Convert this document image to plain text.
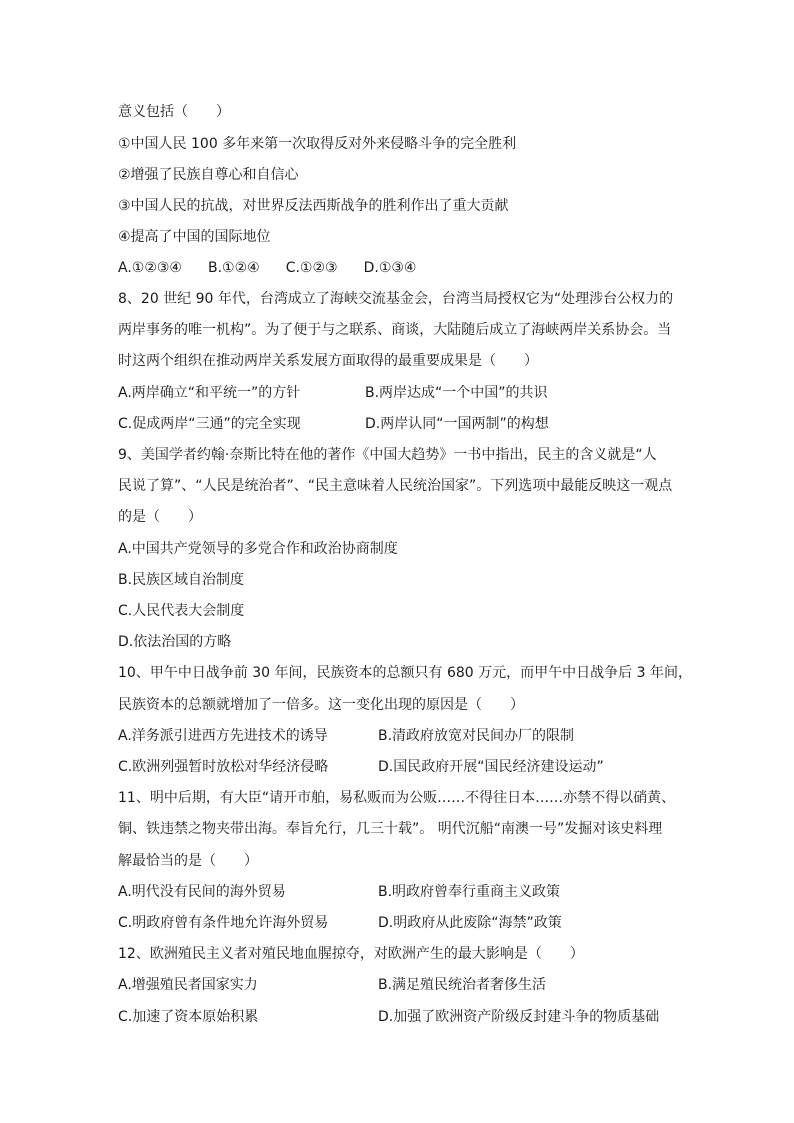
意义包括（　　）
①中国人民 100 多年来第一次取得反对外来侵略斗争的完全胜利
②增强了民族自尊心和自信心
③中国人民的抗战，对世界反法西斯战争的胜利作出了重大贡献
④提高了中国的国际地位
A.①②③④ B.①②④ C.①②③ D.①③④
8、20 世纪 90 年代，台湾成立了海峡交流基金会，台湾当局授权它为“处理涉台公权力的
两岸事务的唯一机构”。为了便于与之联系、商谈，大陆随后成立了海峡两岸关系协会。当
时这两个组织在推动两岸关系发展方面取得的最重要成果是（　　）
A.两岸确立“和平统一”的方针	B.两岸达成“一个中国”的共识
C.促成两岸“三通”的完全实现	D.两岸认同“一国两制”的构想
9、美国学者约翰·奈斯比特在他的著作《中国大趋势》一书中指出，民主的含义就是“人
民说了算”、“人民是统治者”、“民主意味着人民统治国家”。下列选项中最能反映这一观点
的是（　　）
A.中国共产党领导的多党合作和政治协商制度
B.民族区域自治制度
C.人民代表大会制度
D.依法治国的方略
10、甲午中日战争前 30 年间，民族资本的总额只有 680 万元，而甲午中日战争后 3 年间，
民族资本的总额就增加了一倍多。这一变化出现的原因是（　　）
A.洋务派引进西方先进技术的诱导	B.清政府放宽对民间办厂的限制
C.欧洲列强暂时放松对华经济侵略	D.国民政府开展“国民经济建设运动”
11、明中后期，有大臣“请开市舶，易私贩而为公贩……不得往日本……亦禁不得以硝黄、
铜、铁违禁之物夹带出海。奉旨允行，几三十载”。 明代沉船“南澳一号”发掘对该史料理
解最恰当的是（　　）
A.明代没有民间的海外贸易	B.明政府曾奉行重商主义政策
C.明政府曾有条件地允许海外贸易	D.明政府从此废除“海禁”政策
12、欧洲殖民主义者对殖民地血腥掠夺，对欧洲产生的最大影响是（　　）
A.增强殖民者国家实力	B.满足殖民统治者奢侈生活
C.加速了资本原始积累	D.加强了欧洲资产阶级反封建斗争的物质基础
